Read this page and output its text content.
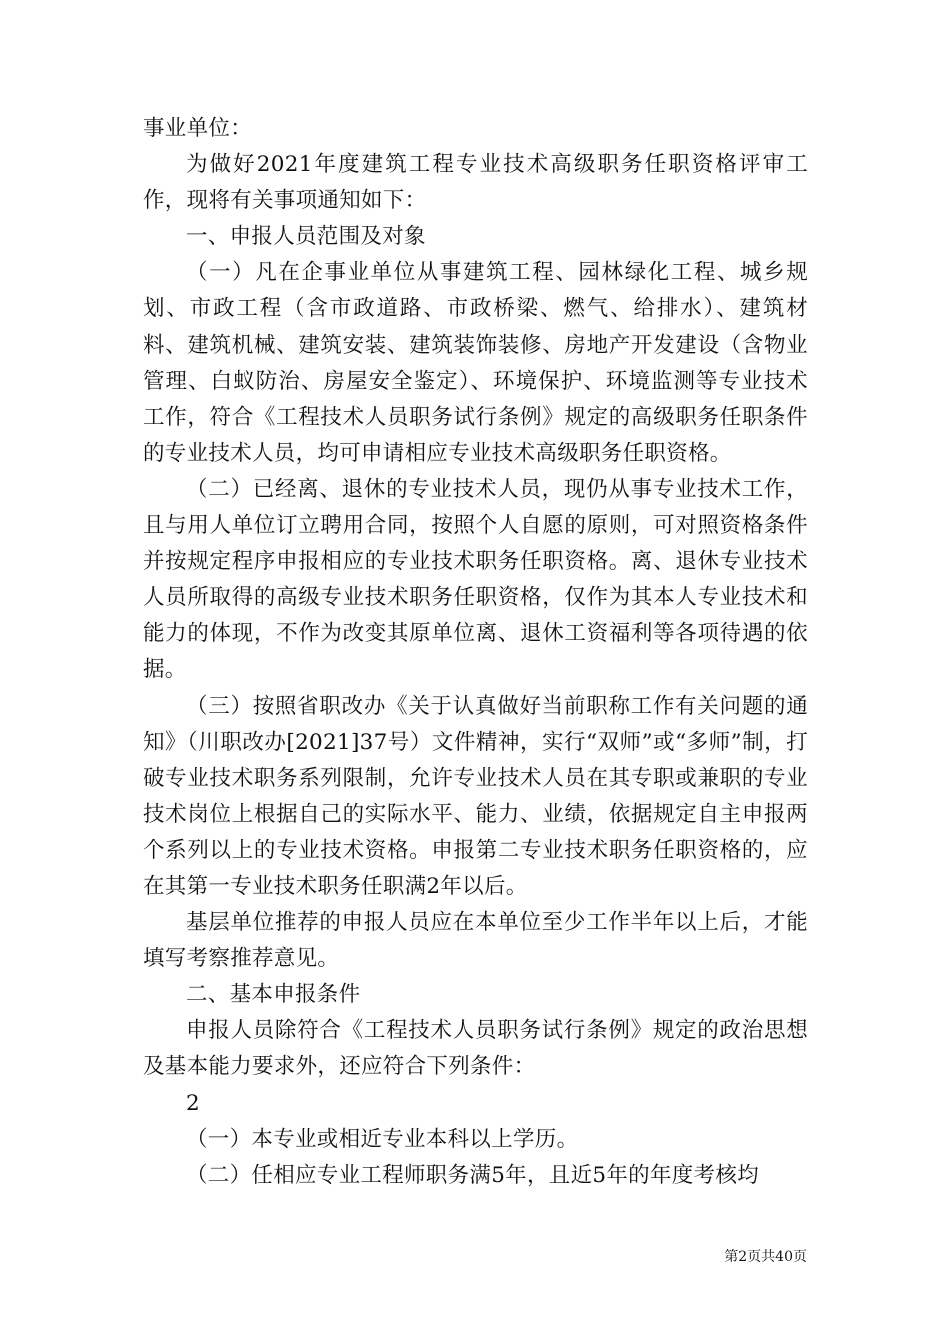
事业单位：

为做好2021年度建筑工程专业技术高级职务任职资格评审工作，现将有关事项通知如下：

一、申报人员范围及对象

（一）凡在企事业单位从事建筑工程、园林绿化工程、城乡规划、市政工程（含市政道路、市政桥梁、燃气、给排水）、建筑材料、建筑机械、建筑安装、建筑装饰装修、房地产开发建设（含物业管理、白蚁防治、房屋安全鉴定）、环境保护、环境监测等专业技术工作，符合《工程技术人员职务试行条例》规定的高级职务任职条件的专业技术人员，均可申请相应专业技术高级职务任职资格。

（二）已经离、退休的专业技术人员，现仍从事专业技术工作，且与用人单位订立聘用合同，按照个人自愿的原则，可对照资格条件并按规定程序申报相应的专业技术职务任职资格。离、退休专业技术人员所取得的高级专业技术职务任职资格，仅作为其本人专业技术和能力的体现，不作为改变其原单位离、退休工资福利等各项待遇的依据。

（三）按照省职改办《关于认真做好当前职称工作有关问题的通知》（川职改办[2021]37号）文件精神，实行“双师”或“多师”制，打破专业技术职务系列限制，允许专业技术人员在其专职或兼职的专业技术岗位上根据自己的实际水平、能力、业绩，依据规定自主申报两个系列以上的专业技术资格。申报第二专业技术职务任职资格的，应在其第一专业技术职务任职满2年以后。

基层单位推荐的申报人员应在本单位至少工作半年以上后，才能填写考察推荐意见。

二、基本申报条件

申报人员除符合《工程技术人员职务试行条例》规定的政治思想及基本能力要求外，还应符合下列条件：

2

（一）本专业或相近专业本科以上学历。

（二）任相应专业工程师职务满5年，且近5年的年度考核均

第2页共40页
